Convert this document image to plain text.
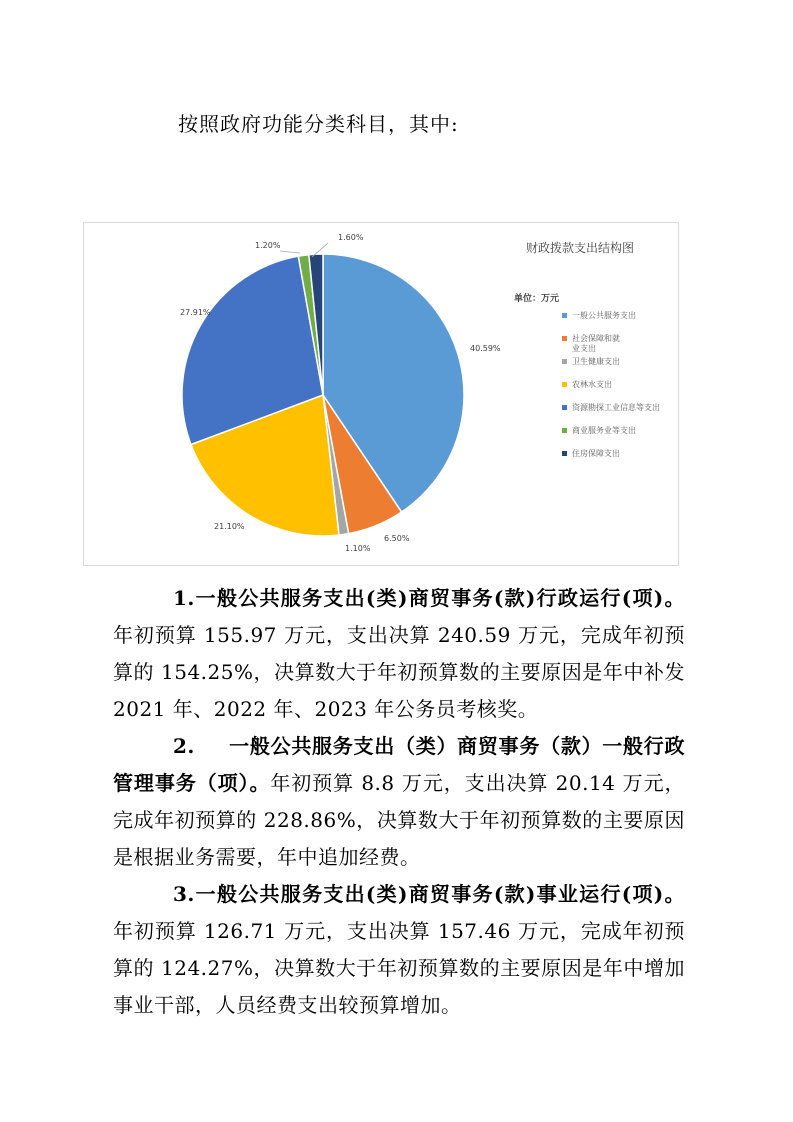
按照政府功能分类科目，其中:
40.59%
6.50%
1.10%
21.10%
27.91%
1.20%
1.60%
财政拨款支出结构图
单位：万元
一般公共服务支出
社会保障和就业支出
卫生健康支出
农林水支出
资源勘探工业信息等支出
商业服务业等支出
住房保障支出
1.一般公共服务支出(类)商贸事务(款)行政运行(项)。年初预算 155.97 万元，支出决算 240.59 万元，完成年初预算的 154.25%，决算数大于年初预算数的主要原因是年中补发 2021 年、2022 年、2023 年公务员考核奖。
2. 一般公共服务支出（类）商贸事务（款）一般行政管理事务（项）。年初预算 8.8 万元，支出决算 20.14 万元，完成年初预算的 228.86%，决算数大于年初预算数的主要原因是根据业务需要，年中追加经费。
3.一般公共服务支出(类)商贸事务(款)事业运行(项)。年初预算 126.71 万元，支出决算 157.46 万元，完成年初预算的 124.27%，决算数大于年初预算数的主要原因是年中增加事业干部，人员经费支出较预算增加。
